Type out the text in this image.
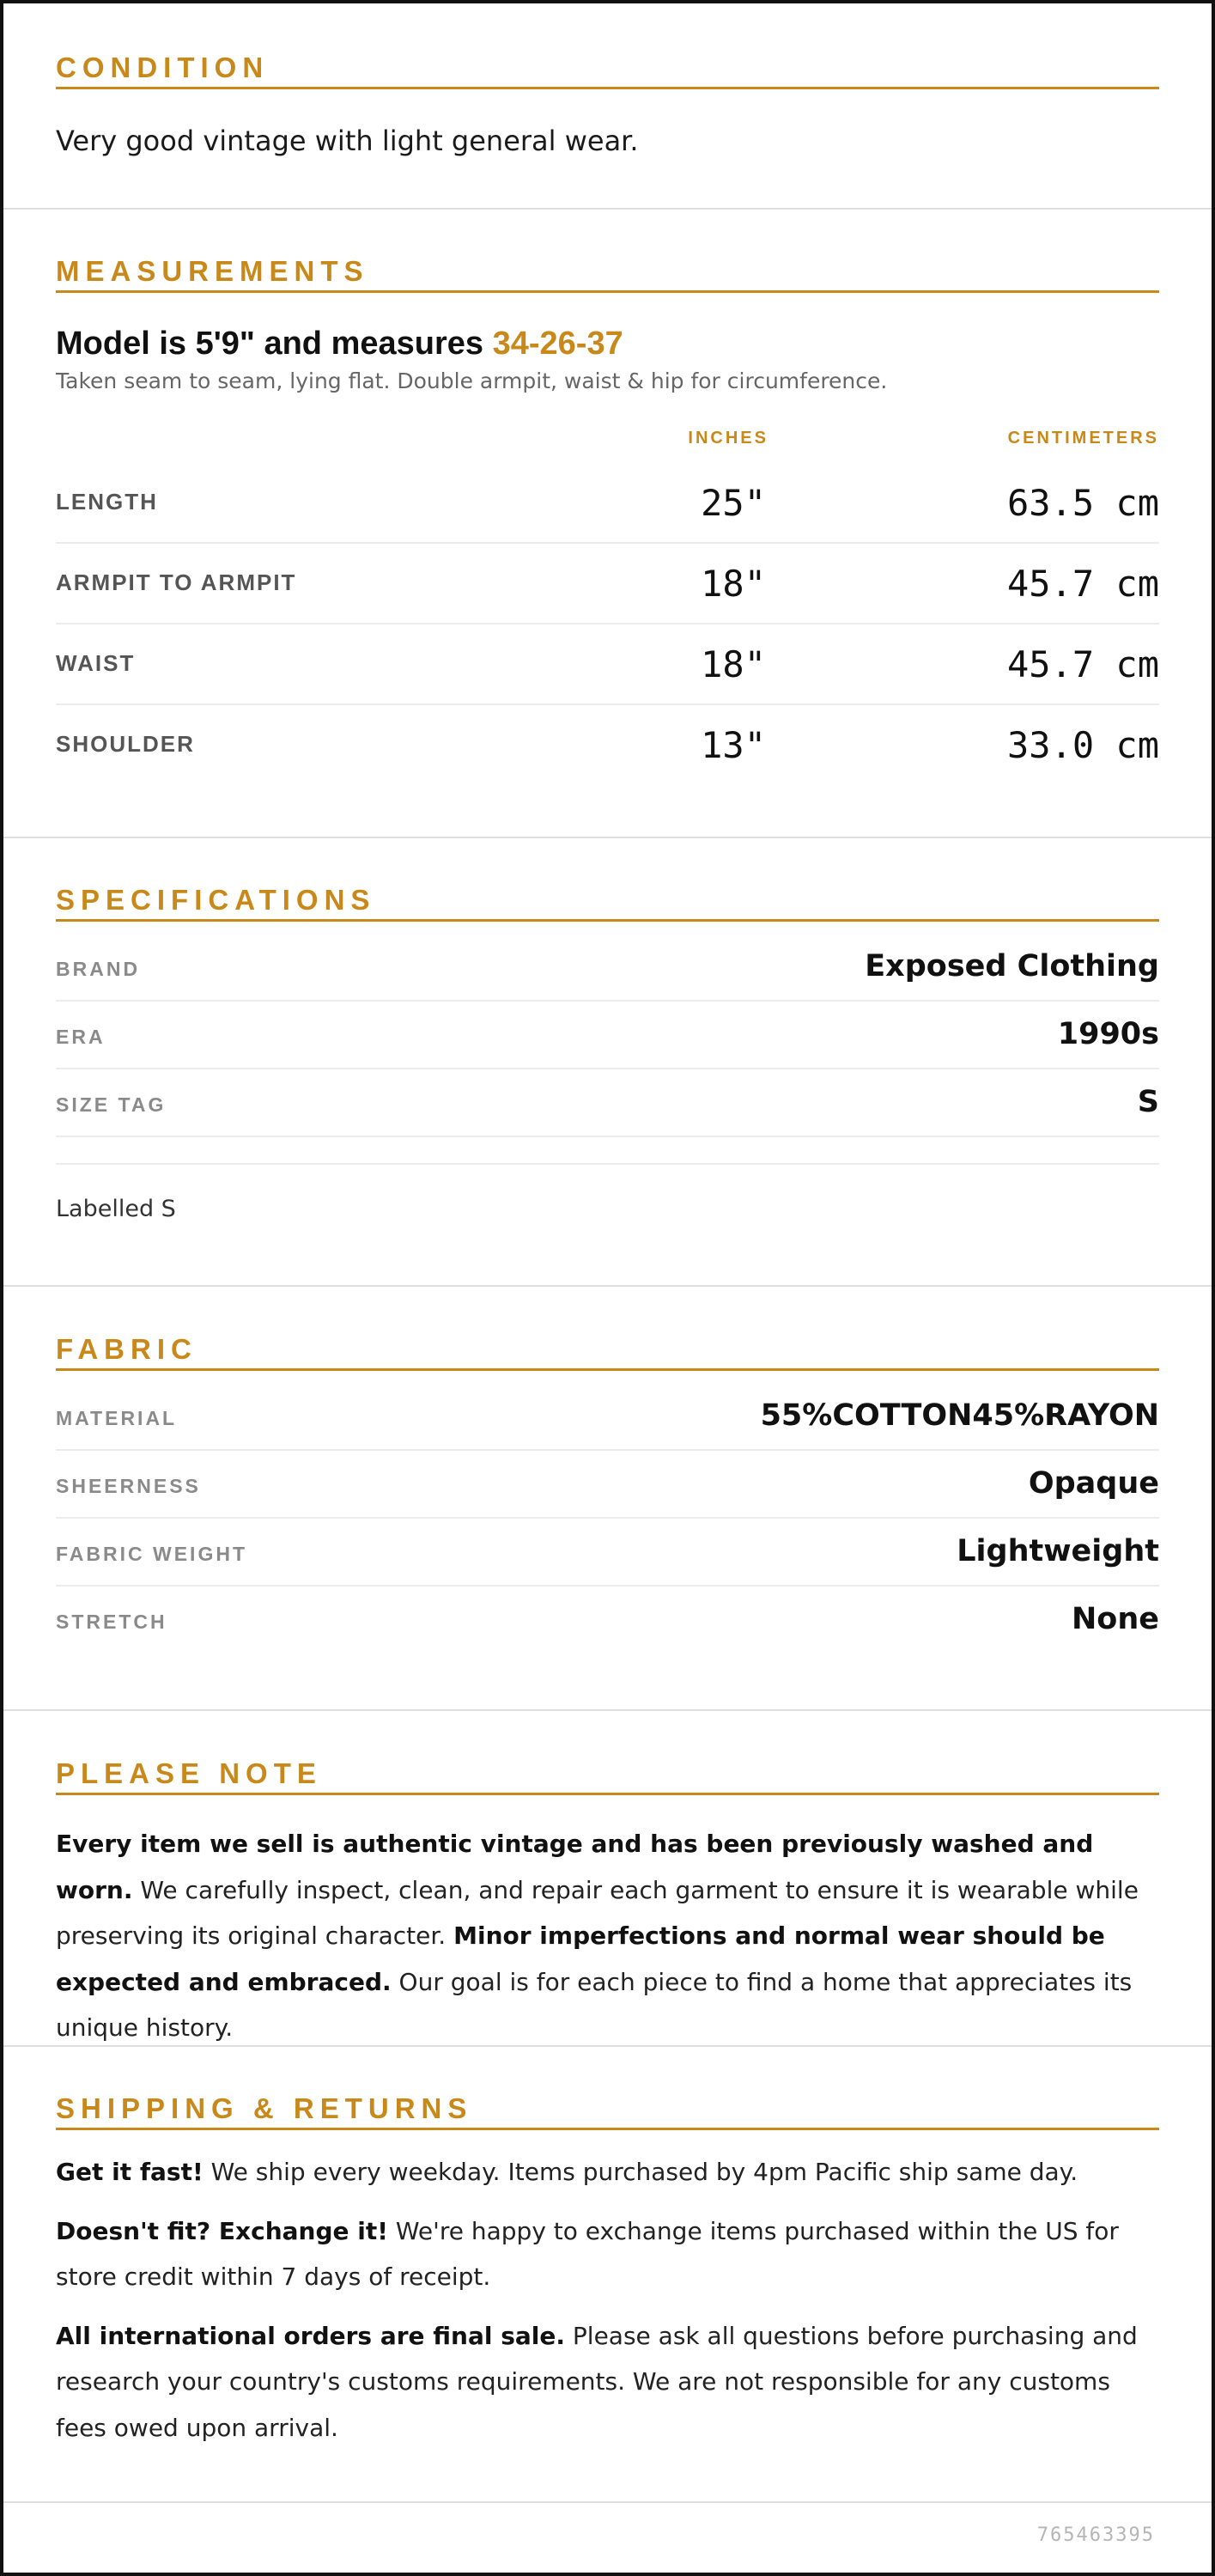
CONDITION
Very good vintage with light general wear.
MEASUREMENTS
Model is 5'9" and measures 34-26-37
Taken seam to seam, lying flat. Double armpit, waist & hip for circumference.
INCHES	CENTIMETERS
LENGTH	25"	63.5 cm
ARMPIT TO ARMPIT	18"	45.7 cm
WAIST	18"	45.7 cm
SHOULDER	13"	33.0 cm
SPECIFICATIONS
BRAND	Exposed Clothing
ERA	1990s
SIZE TAG	S
Labelled S
FABRIC
MATERIAL	55%COTTON45%RAYON
SHEERNESS	Opaque
FABRIC WEIGHT	Lightweight
STRETCH	None
PLEASE NOTE
Every item we sell is authentic vintage and has been previously washed and worn. We carefully inspect, clean, and repair each garment to ensure it is wearable while preserving its original character. Minor imperfections and normal wear should be expected and embraced. Our goal is for each piece to find a home that appreciates its unique history.
SHIPPING & RETURNS

Get it fast! We ship every weekday. Items purchased by 4pm Pacific ship same day.

Doesn't fit? Exchange it! We're happy to exchange items purchased within the US for store credit within 7 days of receipt.

All international orders are final sale. Please ask all questions before purchasing and research your country's customs requirements. We are not responsible for any customs fees owed upon arrival.

765463395
